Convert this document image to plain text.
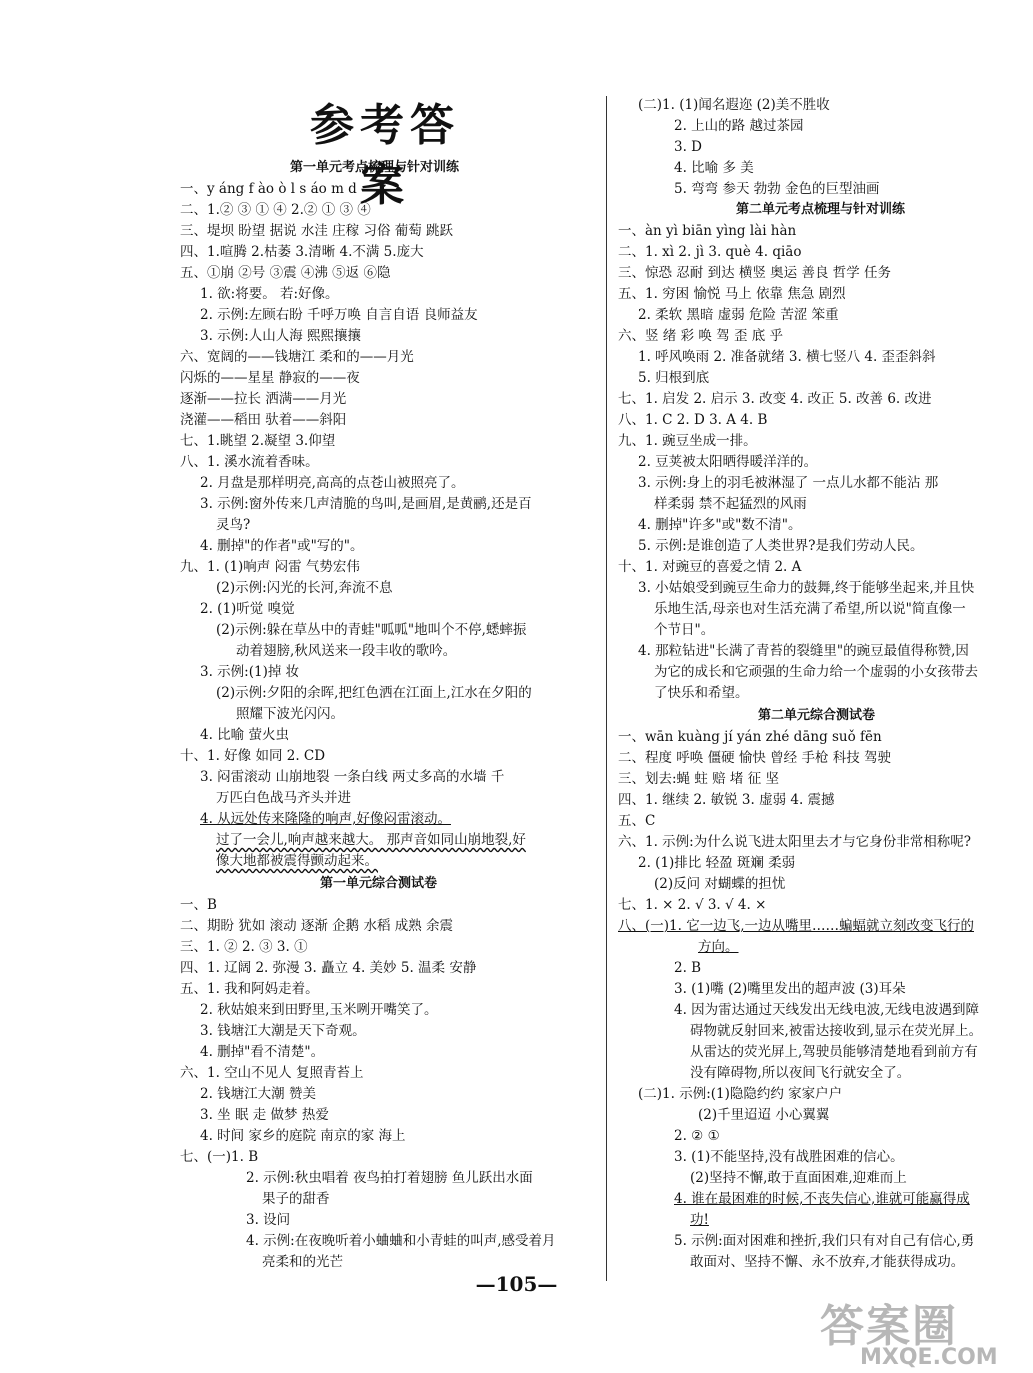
参考答案
第一单元考点梳理与针对训练
一、y áng f ào ò l s áo m d
二、1.② ③ ① ④ 2.② ① ③ ④
三、堤坝 盼望 据说 水洼 庄稼 习俗 葡萄 跳跃
四、1.喧腾 2.枯萎 3.清晰 4.不满 5.庞大
五、①崩 ②号 ③震 ④沸 ⑤返 ⑥隐
1. 欲:将要。 若:好像。
2. 示例:左顾右盼 千呼万唤 自言自语 良师益友
3. 示例:人山人海 熙熙攘攘
六、宽阔的——钱塘江 柔和的——月光
闪烁的——星星 静寂的——夜
逐渐——拉长 洒满——月光
浇灌——稻田 驮着——斜阳
七、1.眺望 2.凝望 3.仰望
八、1. 溪水流着香味。
2. 月盘是那样明亮,高高的点苍山被照亮了。
3. 示例:窗外传来几声清脆的鸟叫,是画眉,是黄鹂,还是百
灵鸟?
4. 删掉"的作者"或"写的"。
九、1. (1)响声 闷雷 气势宏伟
(2)示例:闪光的长河,奔流不息
2. (1)听觉 嗅觉
(2)示例:躲在草丛中的青蛙"呱呱"地叫个不停,蟋蟀振
动着翅膀,秋风送来一段丰收的歌吟。
3. 示例:(1)掉 妆
(2)示例:夕阳的余晖,把红色洒在江面上,江水在夕阳的
照耀下波光闪闪。
4. 比喻 萤火虫
十、1. 好像 如同 2. CD
3. 闷雷滚动 山崩地裂 一条白线 两丈多高的水墙 千
万匹白色战马齐头并进
4. 从远处传来隆隆的响声,好像闷雷滚动。
过了一会儿,响声越来越大。 那声音如同山崩地裂,好
像大地都被震得颤动起来。
第一单元综合测试卷
一、B
二、期盼 犹如 滚动 逐渐 企鹅 水稻 成熟 余震
三、1. ② 2. ③ 3. ①
四、1. 辽阔 2. 弥漫 3. 矗立 4. 美妙 5. 温柔 安静
五、1. 我和阿妈走着。
2. 秋姑娘来到田野里,玉米咧开嘴笑了。
3. 钱塘江大潮是天下奇观。
4. 删掉"看不清楚"。
六、1. 空山不见人 复照青苔上
2. 钱塘江大潮 赞美
3. 坐 眠 走 做梦 热爱
4. 时间 家乡的庭院 南京的家 海上
七、(一)1. B
2. 示例:秋虫唱着 夜鸟拍打着翅膀 鱼儿跃出水面
果子的甜香
3. 设问
4. 示例:在夜晚听着小蛐蛐和小青蛙的叫声,感受着月
亮柔和的光芒
(二)1. (1)闻名遐迩 (2)美不胜收
2. 上山的路 越过茶园
3. D
4. 比喻 多 美
5. 弯弯 参天 勃勃 金色的巨型油画
第二单元考点梳理与针对训练
一、àn yì biān yìng lài hàn
二、1. xì 2. jì 3. què 4. qiāo
三、惊恐 忍耐 到达 横竖 奥运 善良 哲学 任务
五、1. 穷困 愉悦 马上 依靠 焦急 剧烈
2. 柔软 黑暗 虚弱 危险 苦涩 笨重
六、竖 绪 彩 唤 驾 歪 底 乎
1. 呼风唤雨 2. 准备就绪 3. 横七竖八 4. 歪歪斜斜
5. 归根到底
七、1. 启发 2. 启示 3. 改变 4. 改正 5. 改善 6. 改进
八、1. C 2. D 3. A 4. B
九、1. 豌豆坐成一排。
2. 豆荚被太阳晒得暖洋洋的。
3. 示例:身上的羽毛被淋湿了 一点儿水都不能沾 那
样柔弱 禁不起猛烈的风雨
4. 删掉"许多"或"数不清"。
5. 示例:是谁创造了人类世界?是我们劳动人民。
十、1. 对豌豆的喜爱之情 2. A
3. 小姑娘受到豌豆生命力的鼓舞,终于能够坐起来,并且快
乐地生活,母亲也对生活充满了希望,所以说"简直像一
个节日"。
4. 那粒钻进"长满了青苔的裂缝里"的豌豆最值得称赞,因
为它的成长和它顽强的生命力给一个虚弱的小女孩带去
了快乐和希望。
第二单元综合测试卷
一、wān kuàng jí yán zhé dāng suǒ fēn
二、程度 呼唤 僵硬 愉快 曾经 手枪 科技 驾驶
三、划去:蝇 蛀 赔 堵 征 坚
四、1. 继续 2. 敏锐 3. 虚弱 4. 震撼
五、C
六、1. 示例:为什么说飞进太阳里去才与它身份非常相称呢?
2. (1)排比 轻盈 斑斓 柔弱
(2)反问 对蝴蝶的担忧
七、1. × 2. √ 3. √ 4. ×
八、(一)1. 它一边飞,一边从嘴里……蝙蝠就立刻改变飞行的
方向。
2. B
3. (1)嘴 (2)嘴里发出的超声波 (3)耳朵
4. 因为雷达通过天线发出无线电波,无线电波遇到障
碍物就反射回来,被雷达接收到,显示在荧光屏上。
从雷达的荧光屏上,驾驶员能够清楚地看到前方有
没有障碍物,所以夜间飞行就安全了。
(二)1. 示例:(1)隐隐约约 家家户户
(2)千里迢迢 小心翼翼
2. ② ①
3. (1)不能坚持,没有战胜困难的信心。
(2)坚持不懈,敢于直面困难,迎难而上
4. 谁在最困难的时候,不丧失信心,谁就可能赢得成
功!
5. 示例:面对困难和挫折,我们只有对自己有信心,勇
敢面对、坚持不懈、永不放弃,才能获得成功。
—105—
答案圈
MXQE.COM
